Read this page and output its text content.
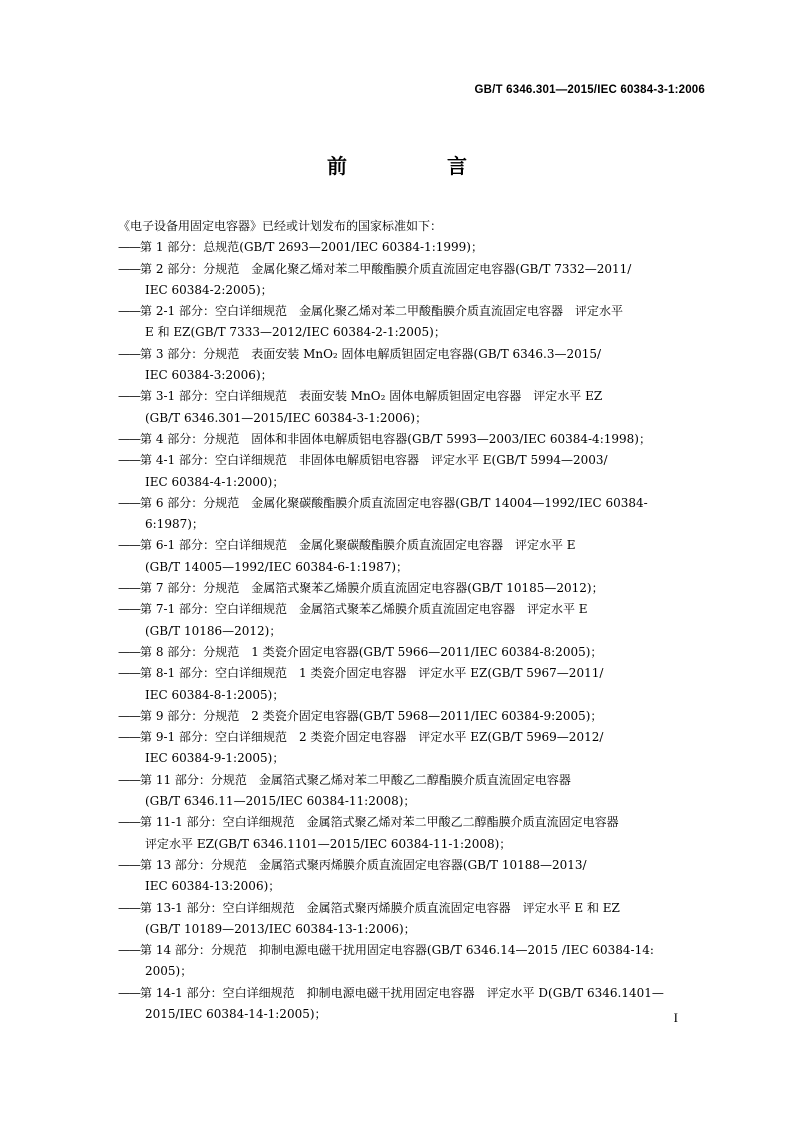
GB/T 6346.301—2015/IEC 60384-3-1:2006
前　言
《电子设备用固定电容器》已经或计划发布的国家标准如下：
——第 1 部分：总规范(GB/T 2693—2001/IEC 60384-1:1999)；
——第 2 部分：分规范　金属化聚乙烯对苯二甲酸酯膜介质直流固定电容器(GB/T 7332—2011/
IEC 60384-2:2005)；
——第 2-1 部分：空白详细规范　金属化聚乙烯对苯二甲酸酯膜介质直流固定电容器　评定水平
E 和 EZ(GB/T 7333—2012/IEC 60384-2-1:2005)；
——第 3 部分：分规范　表面安装 MnO₂ 固体电解质钽固定电容器(GB/T 6346.3—2015/
IEC 60384-3:2006)；
——第 3-1 部分：空白详细规范　表面安装 MnO₂ 固体电解质钽固定电容器　评定水平 EZ
(GB/T 6346.301—2015/IEC 60384-3-1:2006)；
——第 4 部分：分规范　固体和非固体电解质铝电容器(GB/T 5993—2003/IEC 60384-4:1998)；
——第 4-1 部分：空白详细规范　非固体电解质铝电容器　评定水平 E(GB/T 5994—2003/
IEC 60384-4-1:2000)；
——第 6 部分：分规范　金属化聚碳酸酯膜介质直流固定电容器(GB/T 14004—1992/IEC 60384-
6:1987)；
——第 6-1 部分：空白详细规范　金属化聚碳酸酯膜介质直流固定电容器　评定水平 E
(GB/T 14005—1992/IEC 60384-6-1:1987)；
——第 7 部分：分规范　金属箔式聚苯乙烯膜介质直流固定电容器(GB/T 10185—2012)；
——第 7-1 部分：空白详细规范　金属箔式聚苯乙烯膜介质直流固定电容器　评定水平 E
(GB/T 10186—2012)；
——第 8 部分：分规范　1 类瓷介固定电容器(GB/T 5966—2011/IEC 60384-8:2005)；
——第 8-1 部分：空白详细规范　1 类瓷介固定电容器　评定水平 EZ(GB/T 5967—2011/
IEC 60384-8-1:2005)；
——第 9 部分：分规范　2 类瓷介固定电容器(GB/T 5968—2011/IEC 60384-9:2005)；
——第 9-1 部分：空白详细规范　2 类瓷介固定电容器　评定水平 EZ(GB/T 5969—2012/
IEC 60384-9-1:2005)；
——第 11 部分：分规范　金属箔式聚乙烯对苯二甲酸乙二醇酯膜介质直流固定电容器
(GB/T 6346.11—2015/IEC 60384-11:2008)；
——第 11-1 部分：空白详细规范　金属箔式聚乙烯对苯二甲酸乙二醇酯膜介质直流固定电容器
评定水平 EZ(GB/T 6346.1101—2015/IEC 60384-11-1:2008)；
——第 13 部分：分规范　金属箔式聚丙烯膜介质直流固定电容器(GB/T 10188—2013/
IEC 60384-13:2006)；
——第 13-1 部分：空白详细规范　金属箔式聚丙烯膜介质直流固定电容器　评定水平 E 和 EZ
(GB/T 10189—2013/IEC 60384-13-1:2006)；
——第 14 部分：分规范　抑制电源电磁干扰用固定电容器(GB/T 6346.14—2015 /IEC 60384-14:
2005)；
——第 14-1 部分：空白详细规范　抑制电源电磁干扰用固定电容器　评定水平 D(GB/T 6346.1401—
2015/IEC 60384-14-1:2005)；	I
